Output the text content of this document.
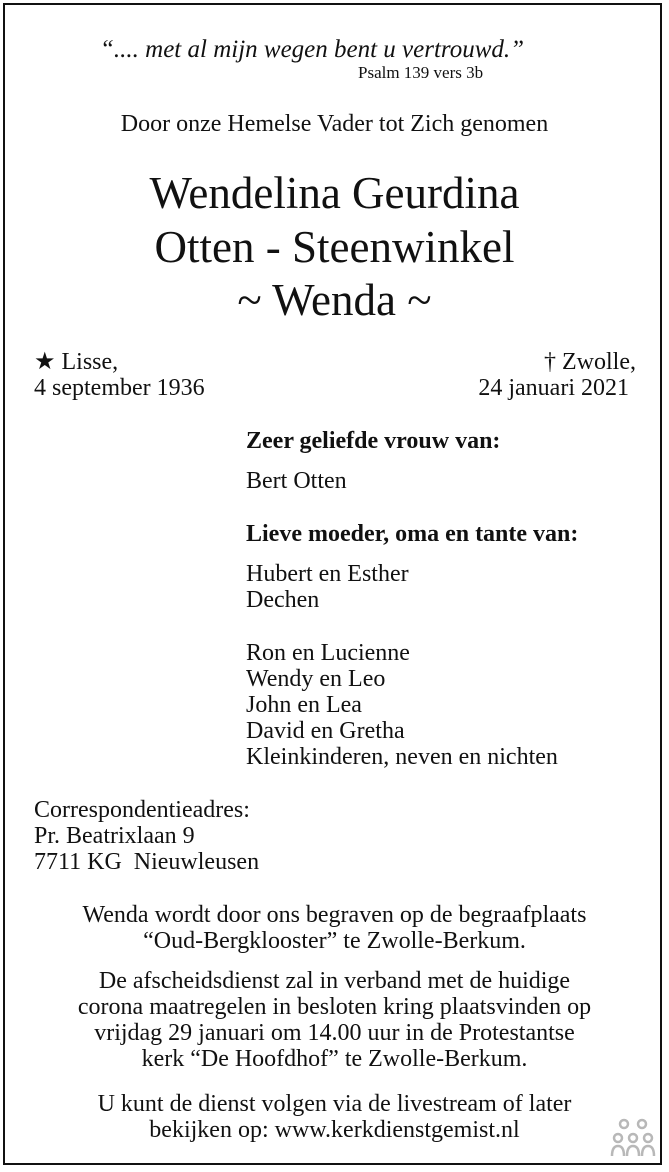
“.... met al mijn wegen bent u vertrouwd.”
Psalm 139 vers 3b
Door onze Hemelse Vader tot Zich genomen
Wendelina Geurdina
Otten - Steenwinkel
~ Wenda ~
★ Lisse,
4 september 1936
† Zwolle,
24 januari 2021
Zeer geliefde vrouw van:
Bert Otten
Lieve moeder, oma en tante van:
Hubert en Esther
Dechen
Ron en Lucienne
Wendy en Leo
John en Lea
David en Gretha
Kleinkinderen, neven en nichten
Correspondentieadres:
Pr. Beatrixlaan 9
7711 KG  Nieuwleusen
Wenda wordt door ons begraven op de begraafplaats
“Oud-Bergklooster” te Zwolle-Berkum.
De afscheidsdienst zal in verband met de huidige
corona maatregelen in besloten kring plaatsvinden op
vrijdag 29 januari om 14.00 uur in de Protestantse
kerk “De Hoofdhof” te Zwolle-Berkum.
U kunt de dienst volgen via de livestream of later
bekijken op: www.kerkdienstgemist.nl
